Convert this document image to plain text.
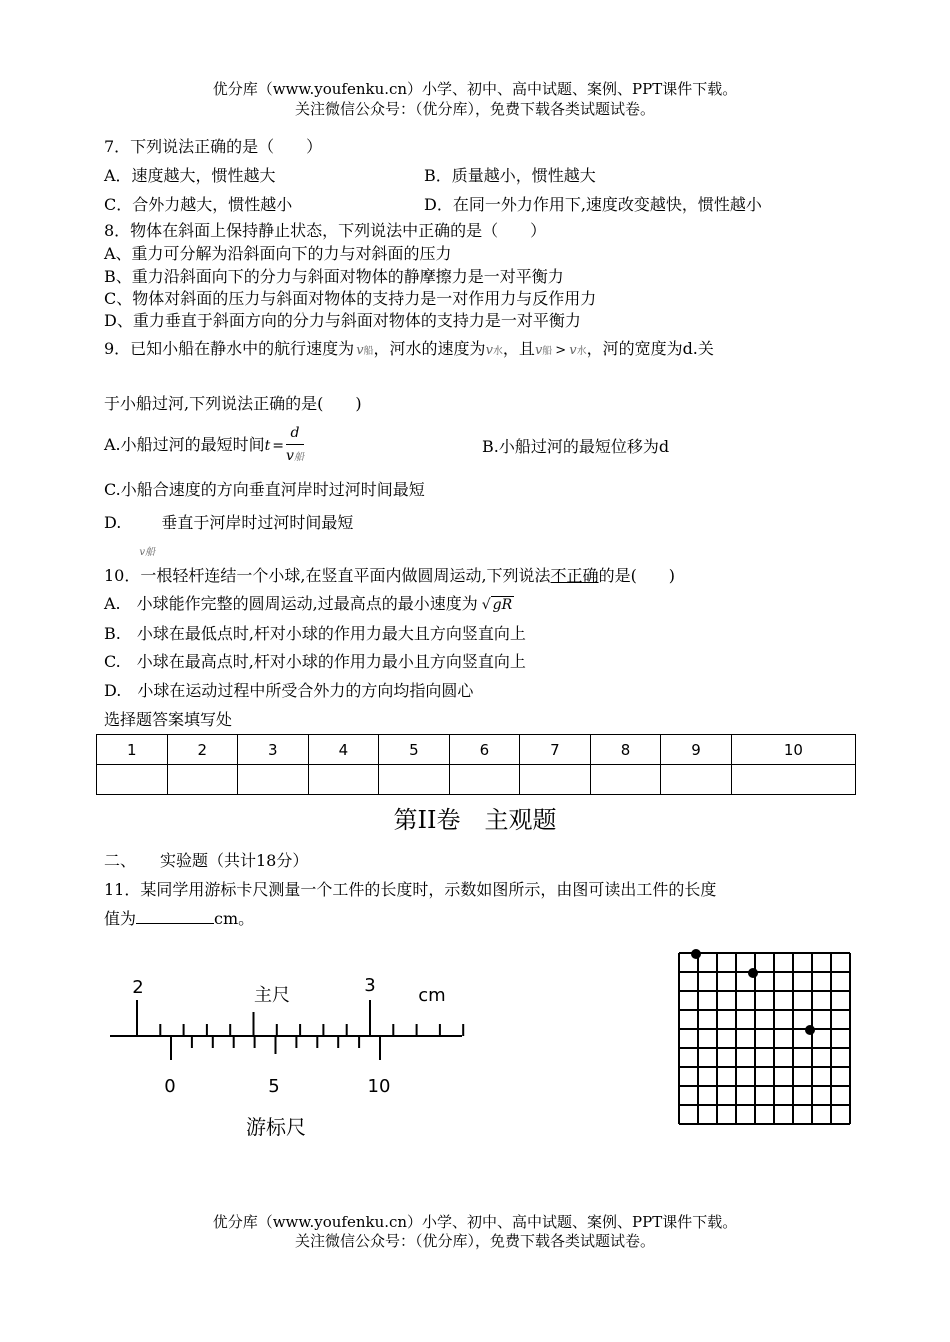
优分库（www.youfenku.cn）小学、初中、高中试题、案例、PPT课件下载。
关注微信公众号：（优分库），免费下载各类试题试卷。
7．下列说法正确的是（　　）
A．速度越大，惯性越大	B．质量越小，惯性越大
C．合外力越大，惯性越小	D．在同一外力作用下,速度改变越快，惯性越小
8．物体在斜面上保持静止状态，下列说法中正确的是（　　）
A、重力可分解为沿斜面向下的力与对斜面的压力
B、重力沿斜面向下的分力与斜面对物体的静摩擦力是一对平衡力
C、物体对斜面的压力与斜面对物体的支持力是一对作用力与反作用力
D、重力垂直于斜面方向的分力与斜面对物体的支持力是一对平衡力
9．已知小船在静水中的航行速度为 v船，河水的速度为v水，且v船 > v水，河的宽度为d.关
于小船过河,下列说法正确的是(　　)
A.小船过河的最短时间$t = \frac{d}{\text{v船}}$	B.小船过河的最短位移为d
C.小船合速度的方向垂直河岸时过河时间最短
D.
v船
垂直于河岸时过河时间最短
10．一根轻杆连结一个小球,在竖直平面内做圆周运动,下列说法不正确的是(　　)
A.　小球能作完整的圆周运动,过最高点的最小速度为 √ gR
B.　小球在最低点时,杆对小球的作用力最大且方向竖直向上
C.　小球在最高点时,杆对小球的作用力最小且方向竖直向上
D.　小球在运动过程中所受合外力的方向均指向圆心
选择题答案填写处
1	2	3	4	5	6	7	8	9	10

第II卷　主观题
二、　　实验题（共计18分）
11．某同学用游标卡尺测量一个工件的长度时，示数如图所示，由图可读出工件的长度
值为	cm。
2	3
主尺	cm
0	5	10
游标尺
优分库（www.youfenku.cn）小学、初中、高中试题、案例、PPT课件下载。
关注微信公众号：（优分库），免费下载各类试题试卷。
